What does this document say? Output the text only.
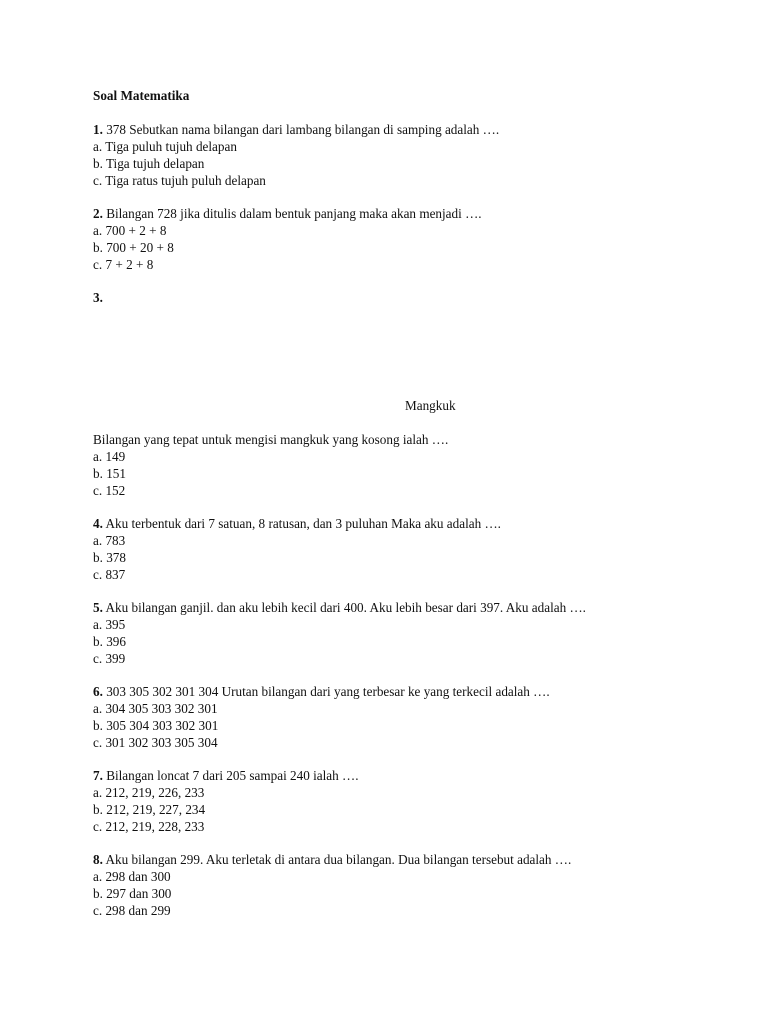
Soal Matematika
1. 378 Sebutkan nama bilangan dari lambang bilangan di samping adalah ….
a. Tiga puluh tujuh delapan
b. Tiga tujuh delapan
c. Tiga ratus tujuh puluh delapan
2. Bilangan 728 jika ditulis dalam bentuk panjang maka akan menjadi ….
a. 700 + 2 + 8
b. 700 + 20 + 8
c. 7 + 2 + 8
3.
Mangkuk
Bilangan yang tepat untuk mengisi mangkuk yang kosong ialah ….
a. 149
b. 151
c. 152
4. Aku terbentuk dari 7 satuan, 8 ratusan, dan 3 puluhan Maka aku adalah ….
a. 783
b. 378
c. 837
5. Aku bilangan ganjil. dan aku lebih kecil dari 400. Aku lebih besar dari 397. Aku adalah ….
a. 395
b. 396
c. 399
6. 303 305 302 301 304 Urutan bilangan dari yang terbesar ke yang terkecil adalah ….
a. 304 305 303 302 301
b. 305 304 303 302 301
c. 301 302 303 305 304
7. Bilangan loncat 7 dari 205 sampai 240 ialah ….
a. 212, 219, 226, 233
b. 212, 219, 227, 234
c. 212, 219, 228, 233
8. Aku bilangan 299. Aku terletak di antara dua bilangan. Dua bilangan tersebut adalah ….
a. 298 dan 300
b. 297 dan 300
c. 298 dan 299
